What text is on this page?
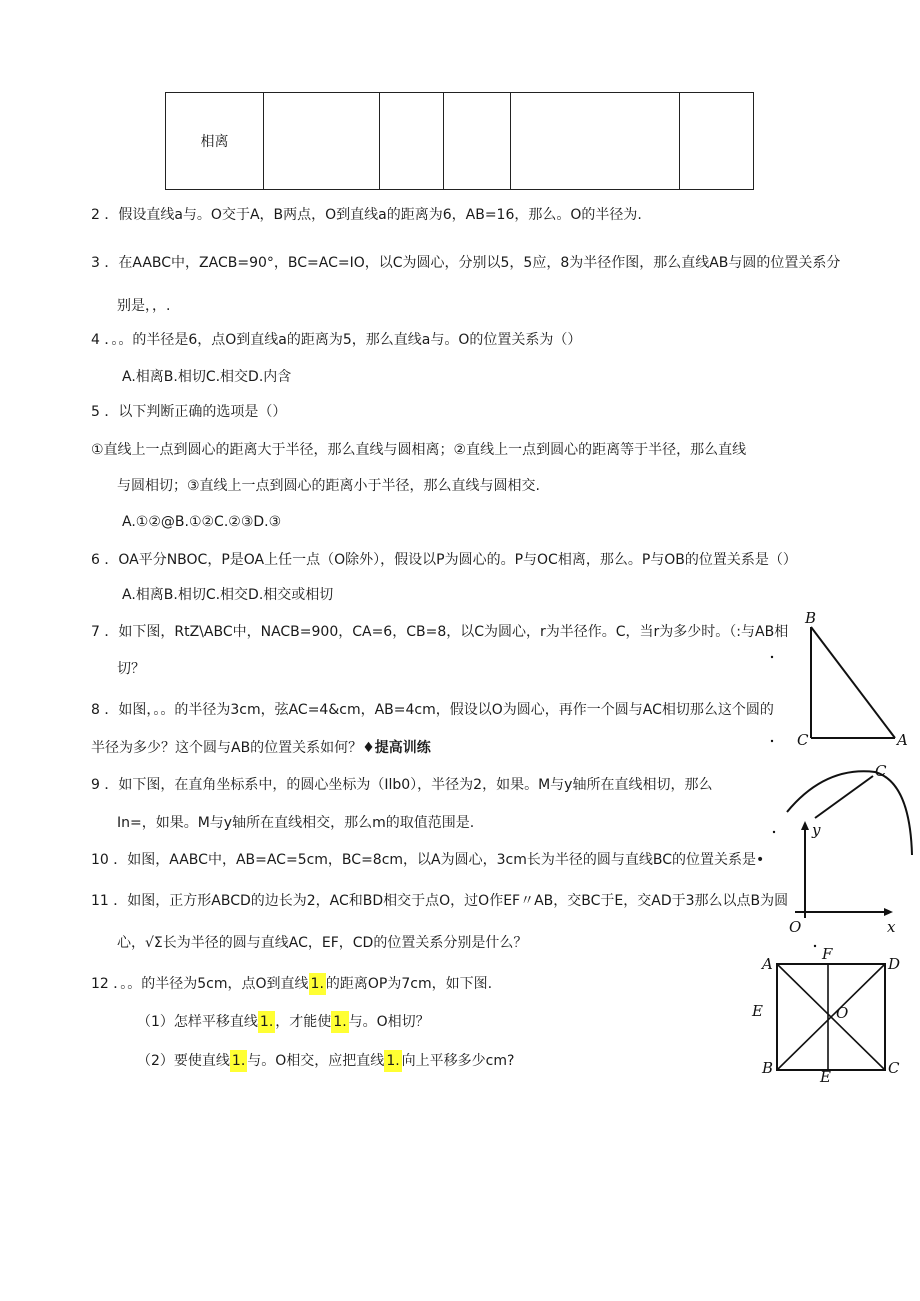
相离					
2 ．假设直线a与。O交于A，B两点，O到直线a的距离为6，AB=16，那么。O的半径为.
3 ．在AABC中，ZACB=90°，BC=AC=IO，以C为圆心，分别以5，5应，8为半径作图，那么直线AB与圆的位置关系分
别是，，.
4 ．。。的半径是6，点O到直线a的距离为5，那么直线a与。O的位置关系为（）
A.相离B.相切C.相交D.内含
5 ．以下判断正确的选项是（）
①直线上一点到圆心的距离大于半径，那么直线与圆相离；②直线上一点到圆心的距离等于半径，那么直线
与圆相切；③直线上一点到圆心的距离小于半径，那么直线与圆相交.
A.①②@B.①②C.②③D.③
6 ．OA平分NBOC，P是OA上任一点（O除外），假设以P为圆心的。P与OC相离，那么。P与OB的位置关系是（）
A.相离B.相切C.相交D.相交或相切
7 ．如下图，RtZ\ABC中，NACB=900，CA=6，CB=8，以C为圆心，r为半径作。C，当r为多少时。（:与AB相
切？
8 ．如图，。。的半径为3cm，弦AC=4&cm，AB=4cm，假设以O为圆心，再作一个圆与AC相切那么这个圆的
半径为多少？这个圆与AB的位置关系如何？♦提高训练
9 ．如下图，在直角坐标系中，的圆心坐标为（Ilb0），半径为2，如果。M与y轴所在直线相切，那么
In=，如果。M与y轴所在直线相交，那么m的取值范围是.
10 ．如图，AABC中，AB=AC=5cm，BC=8cm，以A为圆心，3cm长为半径的圆与直线BC的位置关系是•
11 ．如图，正方形ABCD的边长为2，AC和BD相交于点O，过O作EF〃AB，交BC于E，交AD于3那么以点B为圆
心，√Σ长为半径的圆与直线AC，EF，CD的位置关系分别是什么？
12 ．。。的半径为5cm，点O到直线 1. 的距离OP为7cm，如下图.
（1）怎样平移直线 1. ，才能使 1. 与。O相切？
（2）要使直线 1. 与。O相交，应把直线 1. 向上平移多少cm?
B
C	A
C
y
O	x
A
F
D
E	O
B	E	C
